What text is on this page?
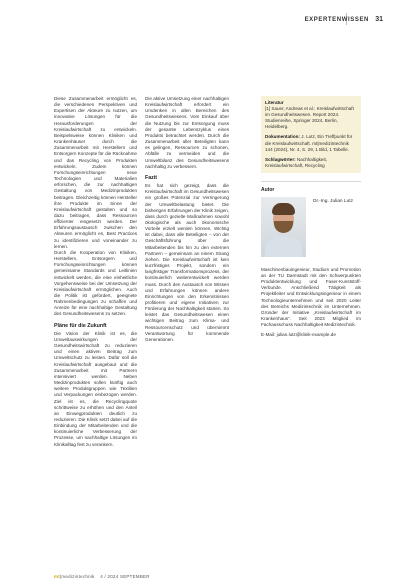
EXPERTENWISSEN 31

Diese Zusammenarbeit ermöglicht es, die verschiedenen Perspektiven und Expertisen der Akteure zu nutzen, um innovative Lösungen für die Herausforderungen der Kreislaufwirtschaft zu entwickeln. Beispielsweise können Kliniken und Krankenhäuser durch die Zusammenarbeit mit Herstellern und Entsorgern Konzepte für die Rücknahme und das Recycling von Produkten entwickeln. Zudem können Forschungseinrichtungen neue Technologien und Materialien erforschen, die zur nachhaltigen Gestaltung von Medizinprodukten beitragen. Gleichzeitig können Hersteller ihre Produkte im Sinne der Kreislaufwirtschaft gestalten und so dazu beitragen, dass Ressourcen effizienter eingesetzt werden. Der Erfahrungsaustausch zwischen den Akteuren ermöglicht es, Best Practices zu identifizieren und voneinander zu lernen.

Durch die Kooperation von Kliniken, Herstellern, Entsorgern und Forschungseinrichtungen können gemeinsame Standards und Leitlinien entwickelt werden, die eine einheitliche Vorgehensweise bei der Umsetzung der Kreislaufwirtschaft ermöglichen. Auch die Politik ist gefordert, geeignete Rahmenbedingungen zu schaffen und Anreize für eine nachhaltige Gestaltung des Gesundheitswesens zu setzen.

Pläne für die Zukunft

Die Vision der Klinik ist es, die Umweltauswirkungen der Gesundheitswirtschaft zu reduzieren und einen aktiven Beitrag zum Umweltschutz zu leisten. Dafür soll die Kreislaufwirtschaft ausgebaut und die Zusammenarbeit mit Partnern intensiviert werden. Neben Medizinprodukten sollen künftig auch weitere Produktgruppen wie Textilien und Verpackungen einbezogen werden. Ziel ist es, die Recyclingquote schrittweise zu erhöhen und den Anteil an Einwegprodukten deutlich zu reduzieren. Die Klinik setzt dabei auf die Einbindung der Mitarbeitenden und die kontinuierliche Verbesserung der Prozesse, um nachhaltige Lösungen im Klinikalltag fest zu verankern.

Die aktive Umsetzung einer nachhaltigen Kreislaufwirtschaft erfordert ein Umdenken in allen Bereichen des Gesundheitswesens. Vom Einkauf über die Nutzung bis zur Entsorgung muss der gesamte Lebenszyklus eines Produkts betrachtet werden. Durch die Zusammenarbeit aller Beteiligten kann es gelingen, Ressourcen zu schonen, Abfälle zu vermeiden und die Umweltbilanz des Gesundheitswesens nachhaltig zu verbessern.

Fazit

Es hat sich gezeigt, dass die Kreislaufwirtschaft im Gesundheitswesen ein großes Potenzial zur Verringerung der Umweltbelastung bietet. Die bisherigen Erfahrungen der Klinik zeigen, dass durch gezielte Maßnahmen sowohl ökologische als auch ökonomische Vorteile erzielt werden können. Wichtig ist dabei, dass alle Beteiligten – von der Geschäftsführung über die Mitarbeitenden bis hin zu den externen Partnern – gemeinsam an einem Strang ziehen. Die Kreislaufwirtschaft ist kein kurzfristiges Projekt, sondern ein langfristiger Transformationsprozess, der kontinuierlich weiterentwickelt werden muss. Durch den Austausch von Wissen und Erfahrungen können andere Einrichtungen von den Erkenntnissen profitieren und eigene Initiativen zur Förderung der Nachhaltigkeit starten. So leistet das Gesundheitswesen einen wichtigen Beitrag zum Klima- und Ressourcenschutz und übernimmt Verantwortung für kommende Generationen.

Literatur
[1] Sauer, Andreas et al.: Kreislaufwirtschaft im Gesundheitswesen. Report 2024. Studienreihe, Springer 2024, Berlin, Heidelberg.

Dokumentation: J. Lutz, Ein Treffpunkt für die Kreislaufwirtschaft. mt|medizintechnik 144 (2024), Nr. 4, S. 29, 1 Bild, 1 Tabelle.

Schlagwörter: Nachhaltigkeit, Kreislaufwirtschaft, Recycling

Autor
Dr.-Ing. Julian Lutz

Maschinenbauingenieur, Studium und Promotion an der TU Darmstadt mit den Schwerpunkten Produktentwicklung und Faser-Kunststoff-Verbunde. Anschließend Tätigkeit als Projektleiter und Entwicklungsingenieur in einem Technologieunternehmen und seit 2020 Leiter des Bereichs Medizintechnik im Unternehmen. Gründer der Initiative „Kreislaufwirtschaft im Krankenhaus“. Seit 2023 Mitglied im Fachausschuss Nachhaltigkeit Medizintechnik.

E-Mail: julian.lutz@klinik-example.de

mt|medizintechnik 4 / 2024 SEPTEMBER
